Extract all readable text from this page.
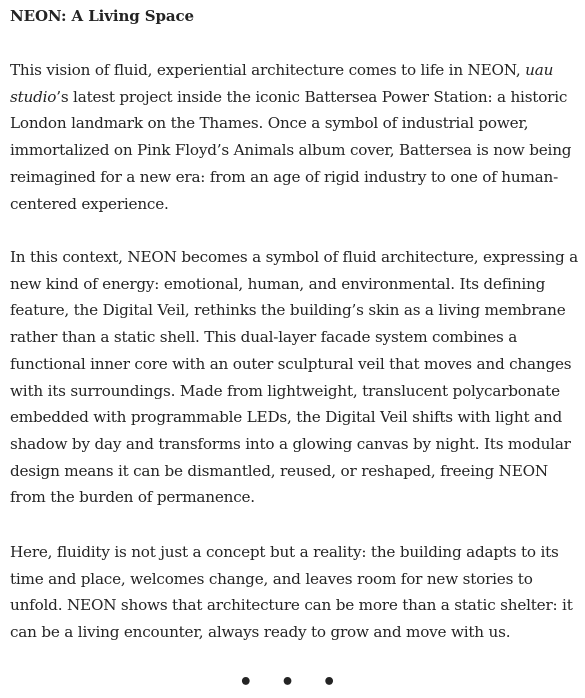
NEON: A Living Space

This vision of fluid, experiential architecture comes to life in NEON, uau studio’s latest project inside the iconic Battersea Power Station: a historic London landmark on the Thames. Once a symbol of industrial power, immortalized on Pink Floyd’s Animals album cover, Battersea is now being reimagined for a new era: from an age of rigid industry to one of human-centered experience.

In this context, NEON becomes a symbol of fluid architecture, expressing a new kind of energy: emotional, human, and environmental. Its defining feature, the Digital Veil, rethinks the building’s skin as a living membrane rather than a static shell. This dual-layer facade system combines a functional inner core with an outer sculptural veil that moves and changes with its surroundings. Made from lightweight, translucent polycarbonate embedded with programmable LEDs, the Digital Veil shifts with light and shadow by day and transforms into a glowing canvas by night. Its modular design means it can be dismantled, reused, or reshaped, freeing NEON from the burden of permanence.

Here, fluidity is not just a concept but a reality: the building adapts to its time and place, welcomes change, and leaves room for new stories to unfold. NEON shows that architecture can be more than a static shelter: it can be a living encounter, always ready to grow and move with us.

• • •
